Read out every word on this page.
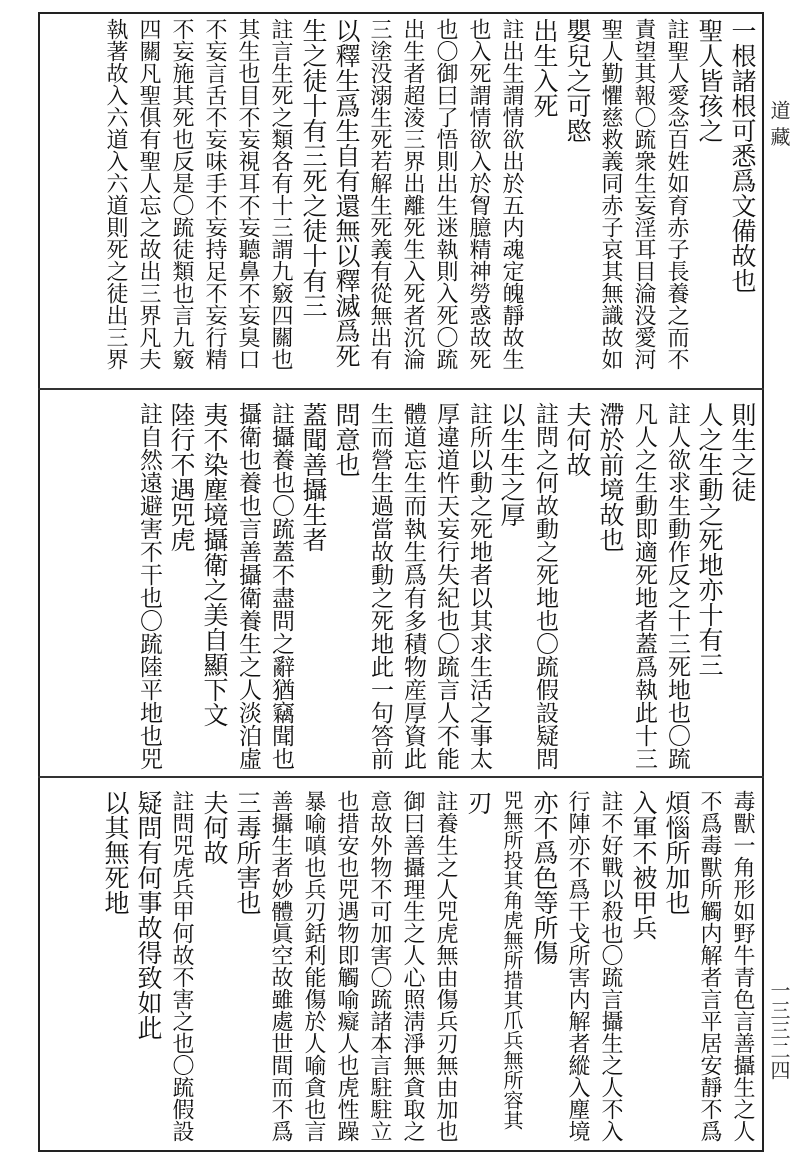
道 藏
一三三二四
一根諸根可悉爲文備故也
聖人皆孩之
註聖人愛念百姓如育赤子長養之而不
責望其報〇䟽衆生妄淫耳目淪没愛河
聖人勤懼慈救義同赤子哀其無識故如
嬰兒之可愍
出生入死
註出生謂情欲出於五内魂定魄靜故生
也入死謂情欲入於胷臆精神勞惑故死
也〇御曰了悟則出生迷執則入死〇䟽
出生者超淩三界出離死生入死者沉淪
三塗没溺生死若解生死義有從無出有
以釋生爲生自有還無以釋滅爲死
生之徒十有三死之徒十有三
註言生死之類各有十三謂九竅四關也
其生也目不妄視耳不妄聽鼻不妄臭口
不妄言舌不妄味手不妄持足不妄行精
不妄施其死也反是〇䟽徒類也言九竅
四關凡聖俱有聖人忘之故出三界凡夫
執著故入六道入六道則死之徒出三界
則生之徒
人之生動之死地亦十有三
註人欲求生動作反之十三死地也〇䟽
凡人之生動即適死地者蓋爲執此十三
滯於前境故也
夫何故
註問之何故動之死地也〇䟽假設疑問
以生生之厚
註所以動之死地者以其求生活之事太
厚違道忤天妄行失紀也〇䟽言人不能
體道忘生而執生爲有多積物産厚資此
生而營生過當故動之死地此一句答前
問意也
蓋聞善攝生者
註攝養也〇䟽蓋不盡問之辭猶竊聞也
攝衛也養也言善攝衛養生之人淡泊虛
夷不染塵境攝衛之美自顯下文
陸行不遇兕虎
註自然遠避害不干也〇䟽陸平地也兕
毒獸一角形如野牛青色言善攝生之人
不爲毒獸所觸内解者言平居安靜不爲
煩惱所加也
入軍不被甲兵
註不好戰以殺也〇䟽言攝生之人不入
行陣亦不爲干戈所害内解者縱入塵境
亦不爲色等所傷
兕無所投其角虎無所措其爪兵無所容其
刃
註養生之人兕虎無由傷兵刃無由加也
御曰善攝理生之人心照淸淨無貪取之
意故外物不可加害〇䟽諸本言駐駐立
也措安也兕遇物即觸喻癡人也虎性躁
暴喻嗔也兵刃銛利能傷於人喻貪也言
善攝生者妙體眞空故雖處世間而不爲
三毒所害也
夫何故
註問兕虎兵甲何故不害之也〇䟽假設
疑問有何事故得致如此
以其無死地
